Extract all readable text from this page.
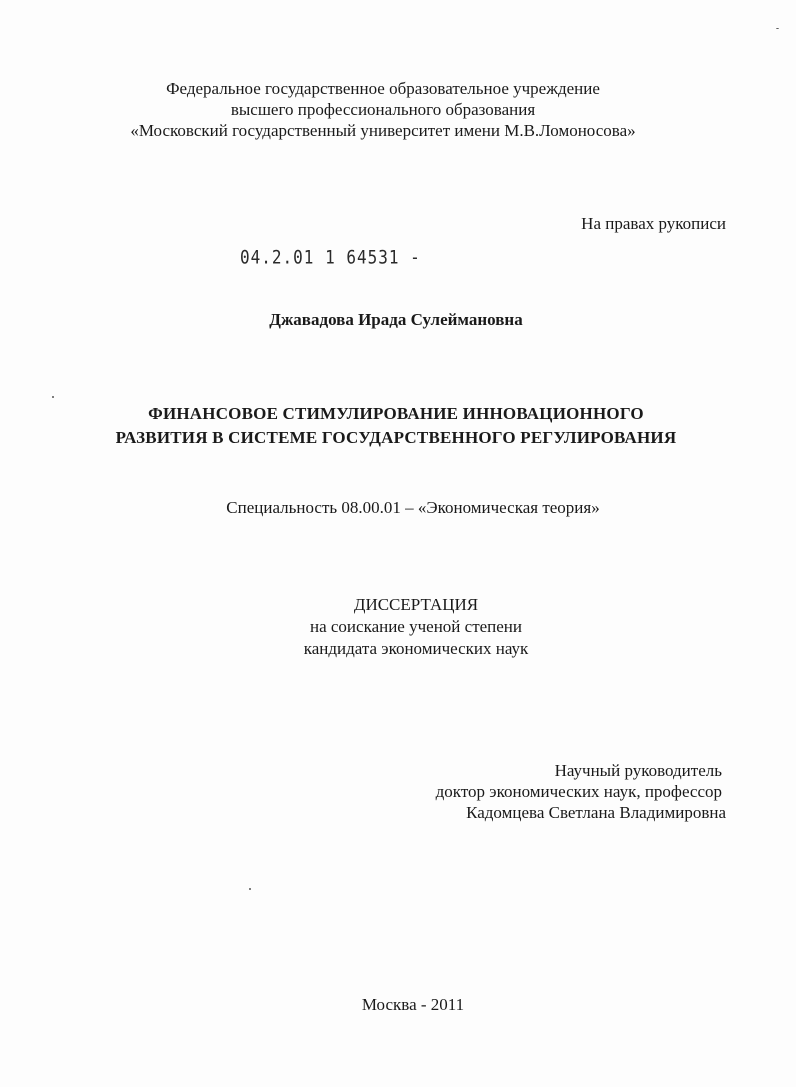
Федеральное государственное образовательное учреждение
высшего профессионального образования
«Московский государственный университет имени М.В.Ломоносова»
На правах рукописи
04.2.01 1 64531 -
Джавадова Ирада Сулеймановна
ФИНАНСОВОЕ СТИМУЛИРОВАНИЕ ИННОВАЦИОННОГО
РАЗВИТИЯ В СИСТЕМЕ ГОСУДАРСТВЕННОГО РЕГУЛИРОВАНИЯ
Специальность 08.00.01 – «Экономическая теория»
ДИССЕРТАЦИЯ
на соискание ученой степени
кандидата экономических наук
Научный руководитель
доктор экономических наук, профессор
Кадомцева Светлана Владимировна
Москва - 2011
